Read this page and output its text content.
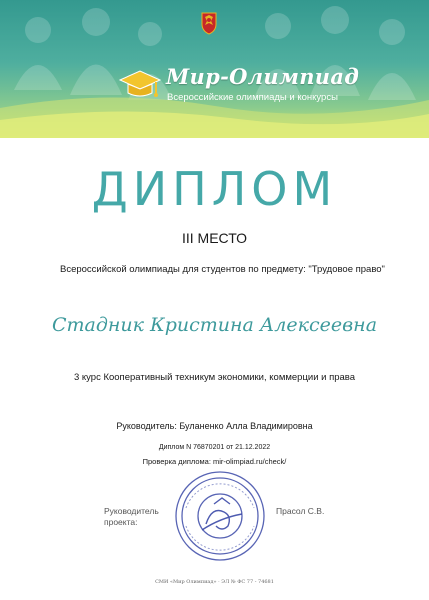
Мир-Олимпиад
Всероссийские олимпиады и конкурсы
ДИПЛОМ
III МЕСТО
Всероссийской олимпиады для студентов по предмету: "Трудовое право"
Стадник Кристина Алексеевна
3 курс Кооперативный техникум экономики, коммерции и права
Руководитель: Буланенко Алла Владимировна
Диплом N 76870201 от 21.12.2022
Проверка диплома: mir-olimpiad.ru/check/
Руководитель проекта:
Прасол С.В.
СМИ «Мир Олимпиад» · ЭЛ № ФС 77 - 74681
